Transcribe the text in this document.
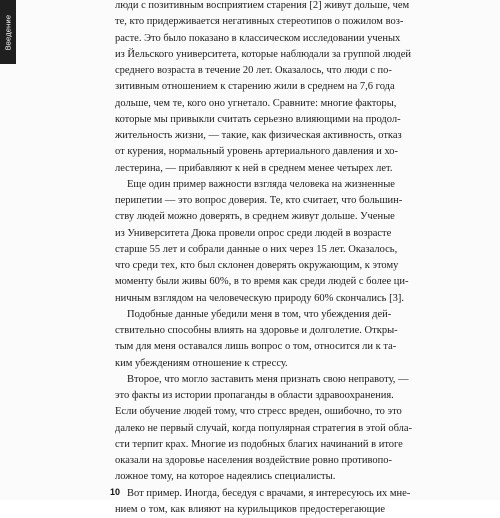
Введение
люди с позитивным восприятием старения [2] живут дольше, чем
те, кто придерживается негативных стереотипов о пожилом воз-
расте. Это было показано в классическом исследовании ученых
из Йельского университета, которые наблюдали за группой людей
среднего возраста в течение 20 лет. Оказалось, что люди с по-
зитивным отношением к старению жили в среднем на 7,6 года
дольше, чем те, кого оно угнетало. Сравните: многие факторы,
которые мы привыкли считать серьезно влияющими на продол-
жительность жизни, — такие, как физическая активность, отказ
от курения, нормальный уровень артериального давления и хо-
лестерина, — прибавляют к ней в среднем менее четырех лет.
Еще один пример важности взгляда человека на жизненные
перипетии — это вопрос доверия. Те, кто считает, что большин-
ству людей можно доверять, в среднем живут дольше. Ученые
из Университета Дюка провели опрос среди людей в возрасте
старше 55 лет и собрали данные о них через 15 лет. Оказалось,
что среди тех, кто был склонен доверять окружающим, к этому
моменту были живы 60%, в то время как среди людей с более ци-
ничным взглядом на человеческую природу 60% скончались [3].
Подобные данные убедили меня в том, что убеждения дей-
ствительно способны влиять на здоровье и долголетие. Откры-
тым для меня оставался лишь вопрос о том, относится ли к та-
ким убеждениям отношение к стрессу.
Второе, что могло заставить меня признать свою неправоту, —
это факты из истории пропаганды в области здравоохранения.
Если обучение людей тому, что стресс вреден, ошибочно, то это
далеко не первый случай, когда популярная стратегия в этой обла-
сти терпит крах. Многие из подобных благих начинаний в итоге
оказали на здоровье населения воздействие ровно противопо-
ложное тому, на которое надеялись специалисты.
Вот пример. Иногда, беседуя с врачами, я интересуюсь их мне-
нием о том, как влияют на курильщиков предостерегающие
10
